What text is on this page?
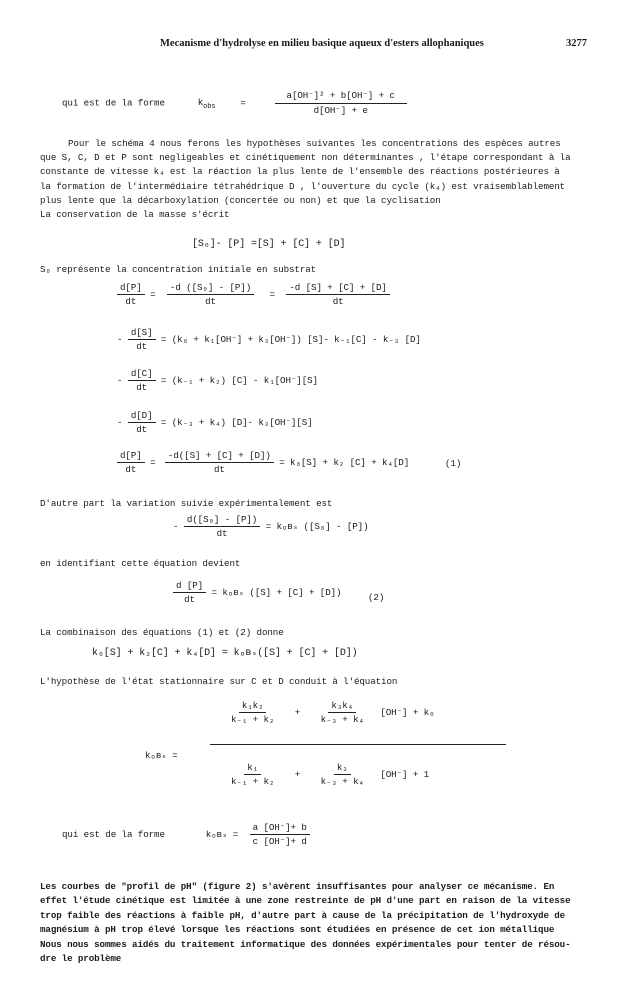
Mecanisme d'hydrolyse en milieu basique aqueux d'esters allophaniques	3277
qui est de la forme	$k_{obs}$	=	$\frac{\text{a[OH⁻]² + b[OH⁻] + c}}{d[OH^-] + e}$
Pour le schéma 4 nous ferons les hypothèses suivantes les concentrations des espèces autres
que S, C, D et P sont negligeables et cinétiquement non déterminantes , l'étape correspondant à la
constante de vitesse k₄ est la réaction la plus lente de l'ensemble des réactions postérieures à
la formation de l'intermédiaire tétrahédrique D , l'ouverture du cycle (k₄) est vraisemblablement
plus lente que la décarboxylation (concertée ou non) et que la cyclisation
La conservation de la masse s'écrit
[S₀]- [P] =[S] + [C] + [D]
S₀ représente la concentration initiale en substrat
$\frac{d[P]}{dt} = \frac{\text{-d ([S₀] - [P])}}{dt} = \frac{-d [S] + [C] + [D]}{dt}$
- $\frac{d[S]}{dt} = (k_0 + k_1[OH^-] + k_3[OH^-])$ [S]- k₋₁[C] - k₋₃ [D]
- $\frac{d[C]}{dt} = (k_{-1} + k_2)$ [C] - k₁[OH⁻][S]
- $\frac{d[D]}{dt} = (k_{-3} + k_4)$ [D]- k₃[OH⁻][S]
$\frac{d[P]}{dt} = \frac{-d([S] + [C] + [D])}{dt} = k_0[S] + k_2$ [C] + k₄[D]	(1)
D'autre part la variation suivie expérimentalement est
- $\frac{\text{d([S₀] - [P])}}{dt}$ = kₒʙₛ ([S₀] - [P])
en identifiant cette équation devient
$\frac{d [P]}{dt}$ = kₒʙₛ ([S] + [C] + [D])	(2)
La combinaison des équations (1) et (2) donne
k₀[S] + k₂[C] + k₄[D] = kₒʙₛ([S] + [C] + [D])
L'hypothèse de l'état stationnaire sur C et D conduit à l'équation
kₒʙₛ =
$\frac{\text{k₁k₂}}{\text{k₋₁ + k₂}} + \frac{\text{k₃k₄}}{\text{k₋₃ + k₄}} [OH^-] + k_0$
$\frac{\text{k₁}}{\text{k₋₁ + k₂}} + \frac{\text{k₃}}{\text{k₋₃ + k₄}} [OH^-] + 1$
qui est de la forme	kₒʙₛ = $\frac{a [OH^-]+ b}{c [OH^-]+ d}$
Les courbes de "profil de pH" (figure 2) s'avèrent insuffisantes pour analyser ce mécanisme. En
effet l'étude cinétique est limitée à une zone restreinte de pH d'une part en raison de la vitesse
trop faible des réactions à faible pH, d'autre part à cause de la précipitation de l'hydroxyde de
magnésium à pH trop élevé lorsque les réactions sont étudiées en présence de cet ion métallique
Nous nous sommes aidés du traitement informatique des données expérimentales pour tenter de résou-
dre le problème
